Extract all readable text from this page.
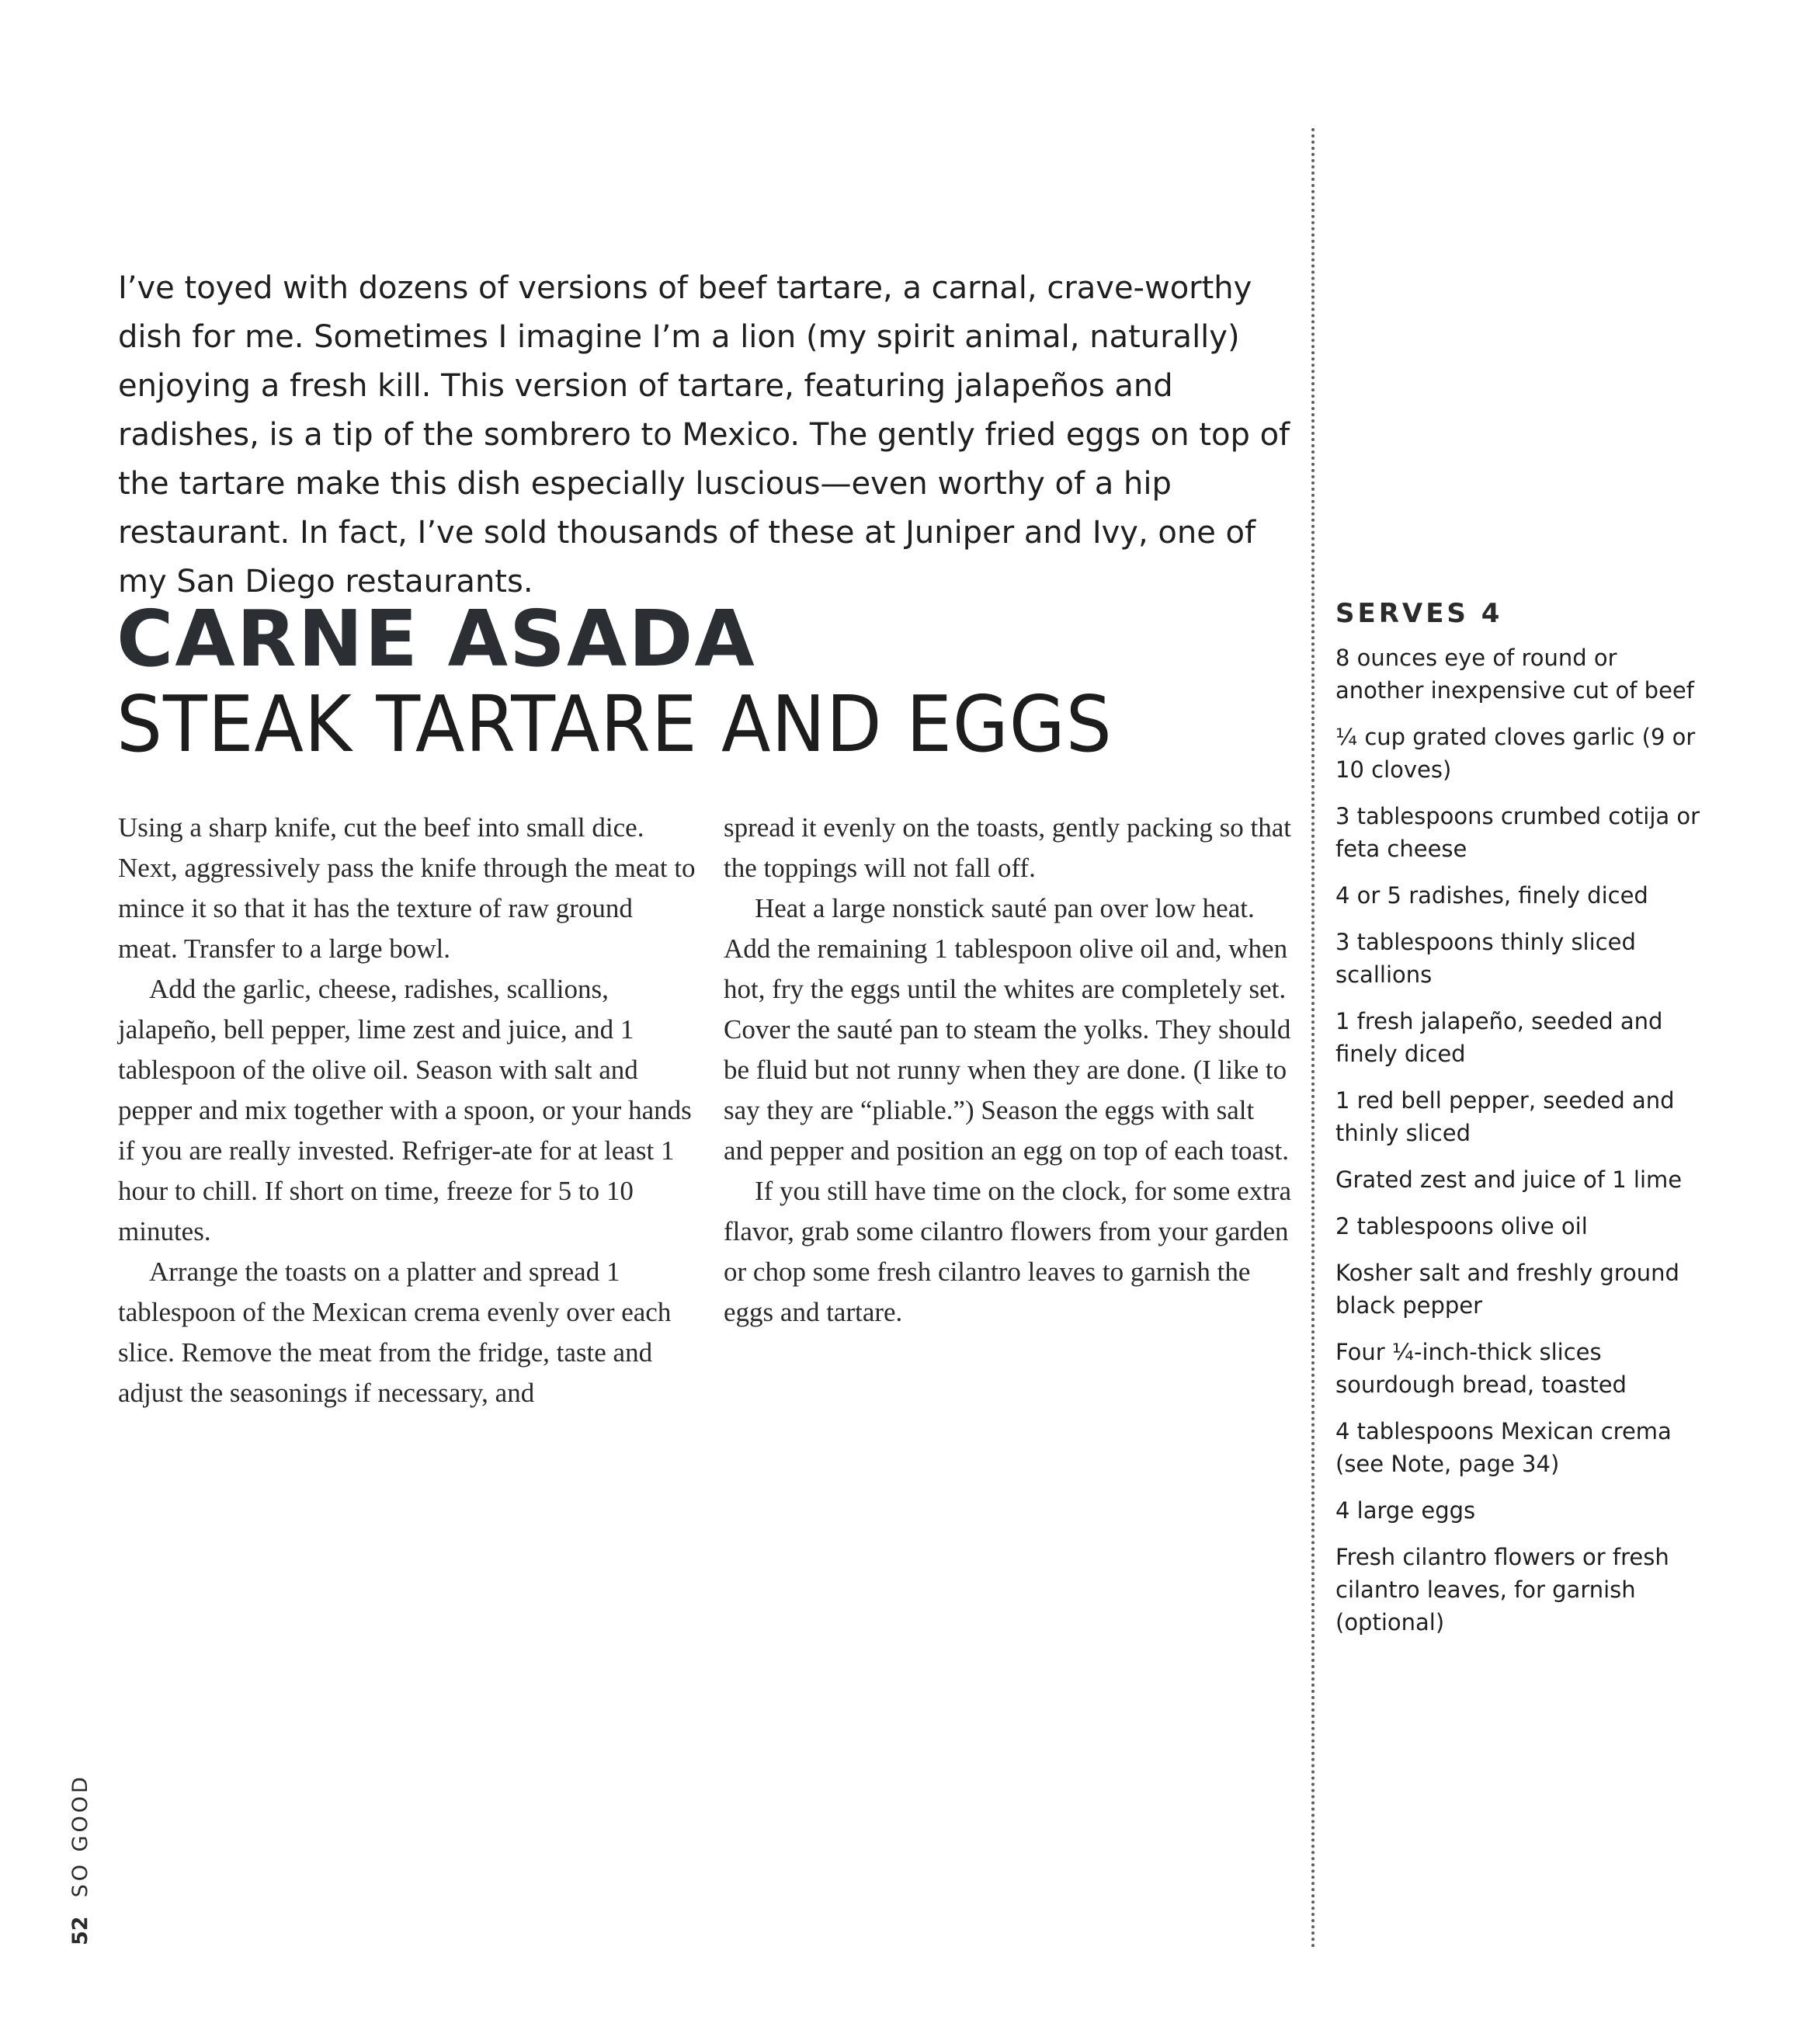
I’ve toyed with dozens of versions of beef tartare, a carnal, crave-worthy dish for me. Sometimes I imagine I’m a lion (my spirit animal, naturally) enjoying a fresh kill. This version of tartare, featuring jalapeños and radishes, is a tip of the sombrero to Mexico. The gently fried eggs on top of the tartare make this dish especially luscious—even worthy of a hip restaurant. In fact, I’ve sold thousands of these at Juniper and Ivy, one of my San Diego restaurants.

CARNE ASADA
STEAK TARTARE AND EGGS

Using a sharp knife, cut the beef into small dice. Next, aggressively pass the knife through the meat to mince it so that it has the texture of raw ground meat. Transfer to a large bowl.

Add the garlic, cheese, radishes, scallions, jalapeño, bell pepper, lime zest and juice, and 1 tablespoon of the olive oil. Season with salt and pepper and mix together with a spoon, or your hands if you are really invested. Refriger-ate for at least 1 hour to chill. If short on time, freeze for 5 to 10 minutes.

Arrange the toasts on a platter and spread 1 tablespoon of the Mexican crema evenly over each slice. Remove the meat from the fridge, taste and adjust the seasonings if necessary, and

spread it evenly on the toasts, gently packing so that the toppings will not fall off.

Heat a large nonstick sauté pan over low heat. Add the remaining 1 tablespoon olive oil and, when hot, fry the eggs until the whites are completely set. Cover the sauté pan to steam the yolks. They should be fluid but not runny when they are done. (I like to say they are “pliable.”) Season the eggs with salt and pepper and position an egg on top of each toast.

If you still have time on the clock, for some extra flavor, grab some cilantro flowers from your garden or chop some fresh cilantro leaves to garnish the eggs and tartare.

SERVES 4
8 ounces eye of round or another inexpensive cut of beef
¼ cup grated cloves garlic (9 or 10 cloves)
3 tablespoons crumbed cotija or feta cheese
4 or 5 radishes, finely diced
3 tablespoons thinly sliced scallions
1 fresh jalapeño, seeded and finely diced
1 red bell pepper, seeded and thinly sliced
Grated zest and juice of 1 lime
2 tablespoons olive oil
Kosher salt and freshly ground black pepper
Four ¼-inch-thick slices sourdough bread, toasted
4 tablespoons Mexican crema (see Note, page 34)
4 large eggs
Fresh cilantro flowers or fresh cilantro leaves, for garnish (optional)
52SO GOOD
